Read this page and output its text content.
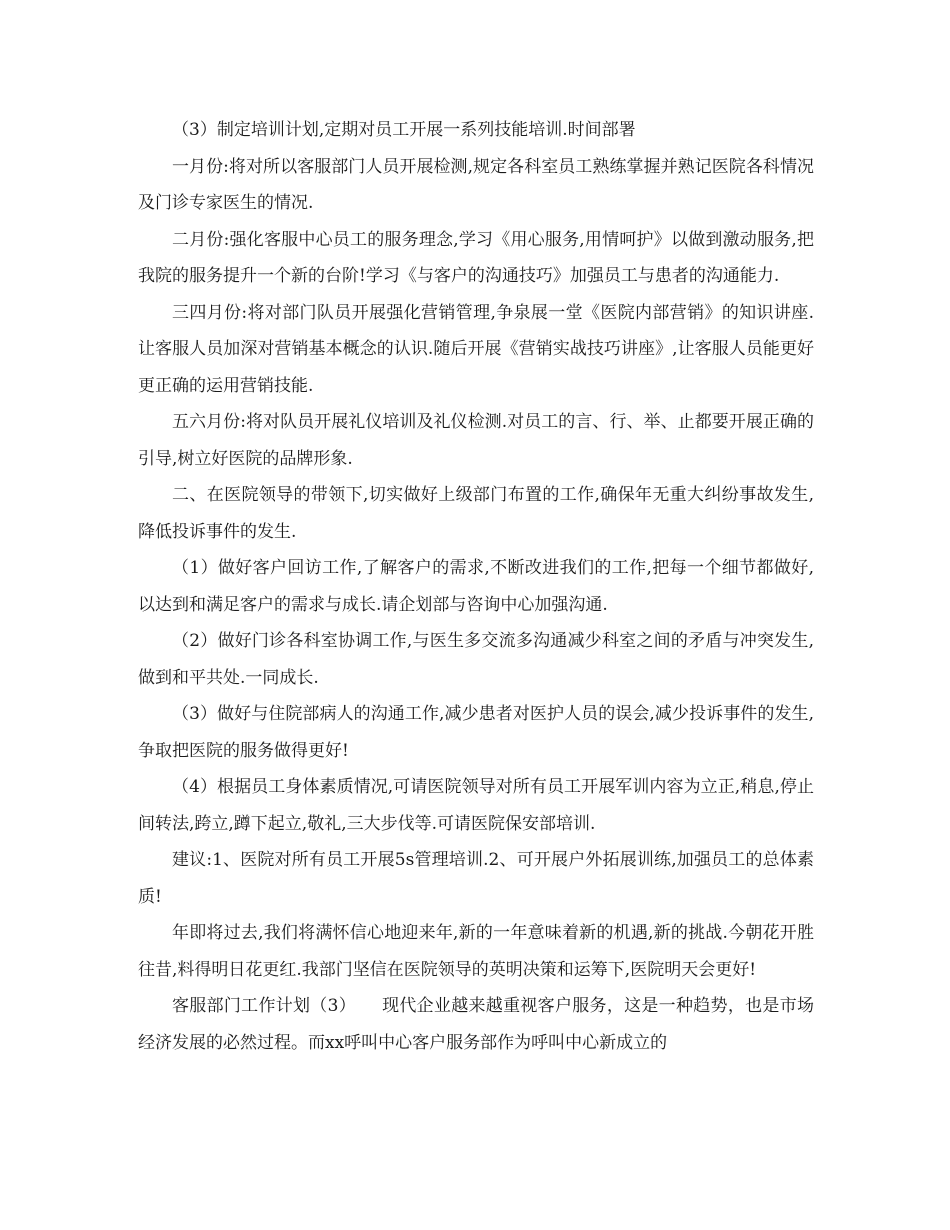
（3）制定培训计划,定期对员工开展一系列技能培训.时间部署

一月份:将对所以客服部门人员开展检测,规定各科室员工熟练掌握并熟记医院各科情况及门诊专家医生的情况.

二月份:强化客服中心员工的服务理念,学习《用心服务,用情呵护》以做到激动服务,把我院的服务提升一个新的台阶!学习《与客户的沟通技巧》加强员工与患者的沟通能力.

三四月份:将对部门队员开展强化营销管理,争泉展一堂《医院内部营销》的知识讲座.让客服人员加深对营销基本概念的认识.随后开展《营销实战技巧讲座》,让客服人员能更好更正确的运用营销技能.

五六月份:将对队员开展礼仪培训及礼仪检测.对员工的言、行、举、止都要开展正确的引导,树立好医院的品牌形象.

二、在医院领导的带领下,切实做好上级部门布置的工作,确保年无重大纠纷事故发生,降低投诉事件的发生.

（1）做好客户回访工作,了解客户的需求,不断改进我们的工作,把每一个细节都做好,以达到和满足客户的需求与成长.请企划部与咨询中心加强沟通.

（2）做好门诊各科室协调工作,与医生多交流多沟通减少科室之间的矛盾与冲突发生,做到和平共处.一同成长.

（3）做好与住院部病人的沟通工作,减少患者对医护人员的误会,减少投诉事件的发生,争取把医院的服务做得更好!

（4）根据员工身体素质情况,可请医院领导对所有员工开展军训内容为立正,稍息,停止间转法,跨立,蹲下起立,敬礼,三大步伐等.可请医院保安部培训.

建议:1、医院对所有员工开展5s管理培训.2、可开展户外拓展训练,加强员工的总体素质!

年即将过去,我们将满怀信心地迎来年,新的一年意味着新的机遇,新的挑战.今朝花开胜往昔,料得明日花更红.我部门坚信在医院领导的英明决策和运筹下,医院明天会更好!

客服部门工作计划（3）　　现代企业越来越重视客户服务，这是一种趋势，也是市场经济发展的必然过程。而xx呼叫中心客户服务部作为呼叫中心新成立的
